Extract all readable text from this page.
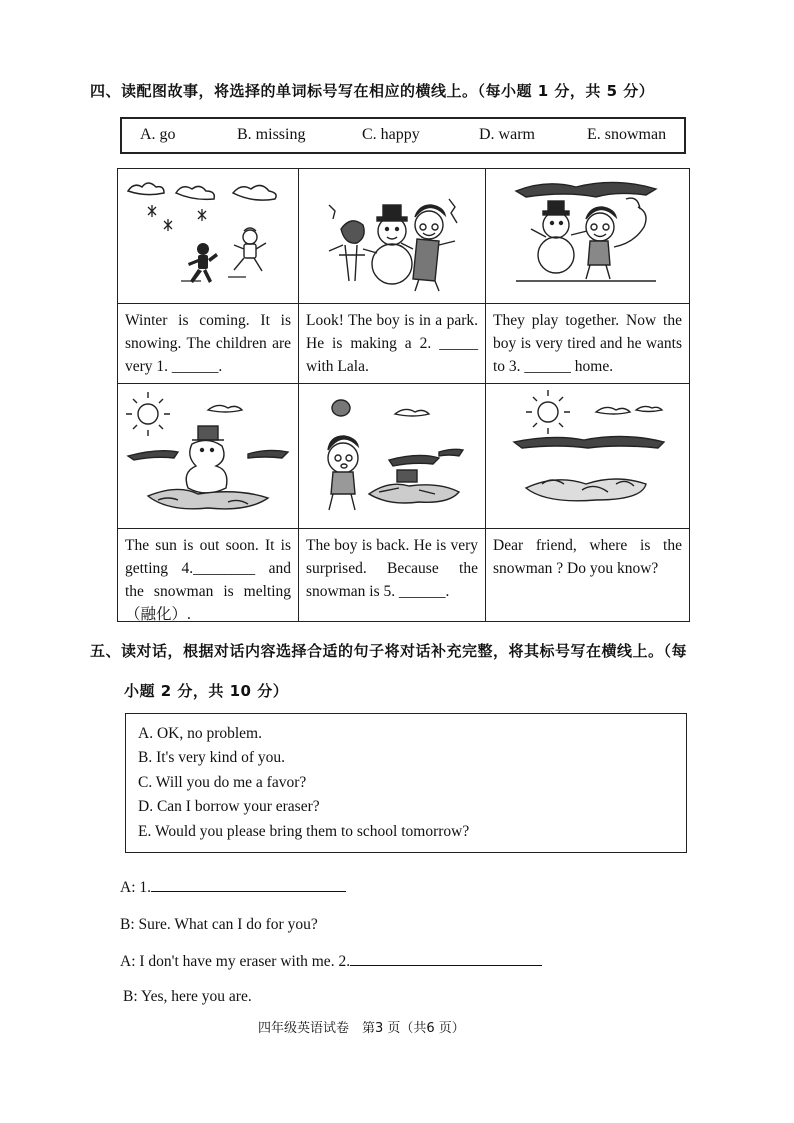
四、读配图故事，将选择的单词标号写在相应的横线上。（每小题 1 分，共 5 分）
A. go	B. missing	C. happy	D. warm	E. snowman

Winter is coming. It is snowing. The children are very 1. ______.	Look! The boy is in a park. He is making a 2. _____ with Lala.	They play together. Now the boy is very tired and he wants to 3. ______ home.

The sun is out soon. It is getting 4.________ and the snowman is melting（融化）.	The boy is back. He is very surprised. Because the snowman is 5. ______.	Dear friend, where is the snowman ? Do you know?
五、读对话，根据对话内容选择合适的句子将对话补充完整，将其标号写在横线上。（每
小题 2 分，共 10 分）
A. OK, no problem.
B. It's very kind of you.
C. Will you do me a favor?
D. Can I borrow your eraser?
E. Would you please bring them to school tomorrow?
A: 1.
B: Sure. What can I do for you?
A: I don't have my eraser with me. 2.
B: Yes, here you are.
四年级英语试卷　第3 页（共6 页）
